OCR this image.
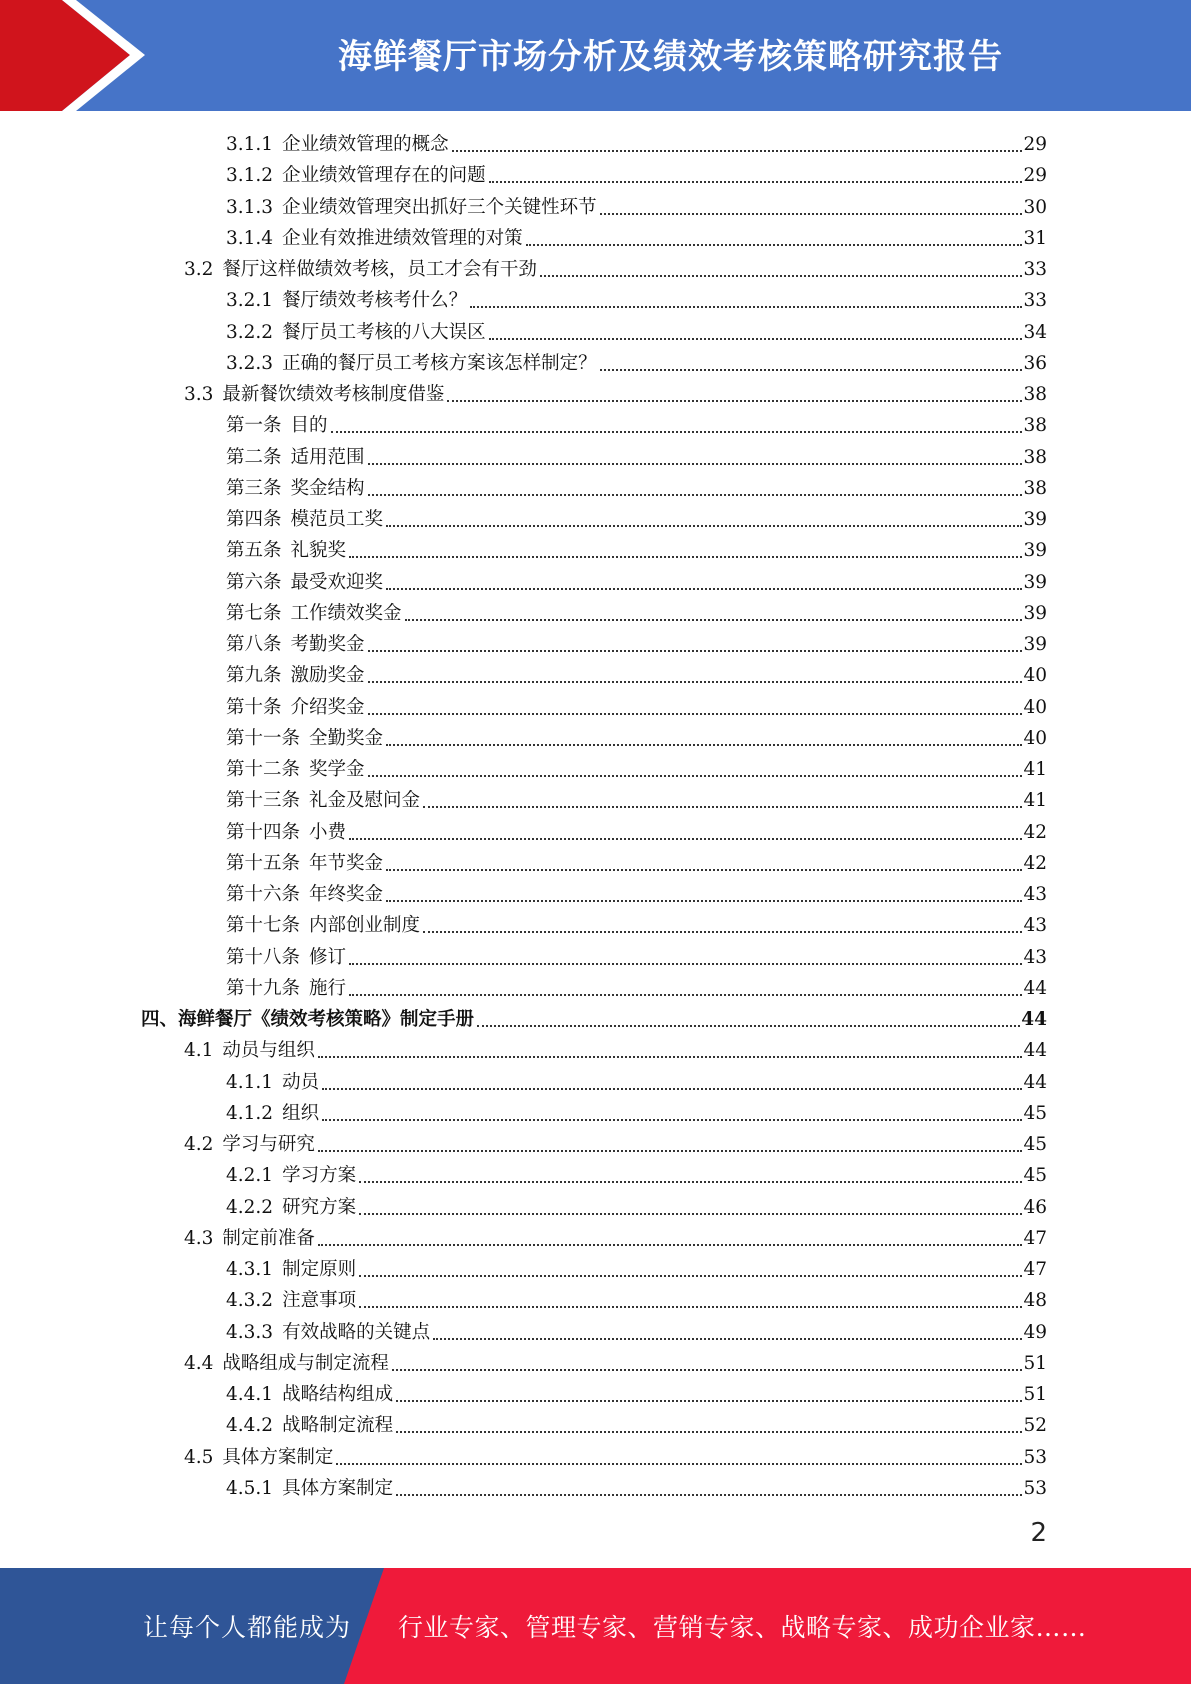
海鲜餐厅市场分析及绩效考核策略研究报告
3.1.1 企业绩效管理的概念	29
3.1.2 企业绩效管理存在的问题	29
3.1.3 企业绩效管理突出抓好三个关键性环节	30
3.1.4 企业有效推进绩效管理的对策	31
3.2 餐厅这样做绩效考核，员工才会有干劲	33
3.2.1 餐厅绩效考核考什么？	33
3.2.2 餐厅员工考核的八大误区	34
3.2.3 正确的餐厅员工考核方案该怎样制定？	36
3.3 最新餐饮绩效考核制度借鉴	38
第一条 目的	38
第二条 适用范围	38
第三条 奖金结构	38
第四条 模范员工奖	39
第五条 礼貌奖	39
第六条 最受欢迎奖	39
第七条 工作绩效奖金	39
第八条 考勤奖金	39
第九条 激励奖金	40
第十条 介绍奖金	40
第十一条 全勤奖金	40
第十二条 奖学金	41
第十三条 礼金及慰问金	41
第十四条 小费	42
第十五条 年节奖金	42
第十六条 年终奖金	43
第十七条 内部创业制度	43
第十八条 修订	43
第十九条 施行	44
四、海鲜餐厅《绩效考核策略》制定手册	44
4.1 动员与组织	44
4.1.1 动员	44
4.1.2 组织	45
4.2 学习与研究	45
4.2.1 学习方案	45
4.2.2 研究方案	46
4.3 制定前准备	47
4.3.1 制定原则	47
4.3.2 注意事项	48
4.3.3 有效战略的关键点	49
4.4 战略组成与制定流程	51
4.4.1 战略结构组成	51
4.4.2 战略制定流程	52
4.5 具体方案制定	53
4.5.1 具体方案制定	53
2
让每个人都能成为 行业专家、管理专家、营销专家、战略专家、成功企业家……
